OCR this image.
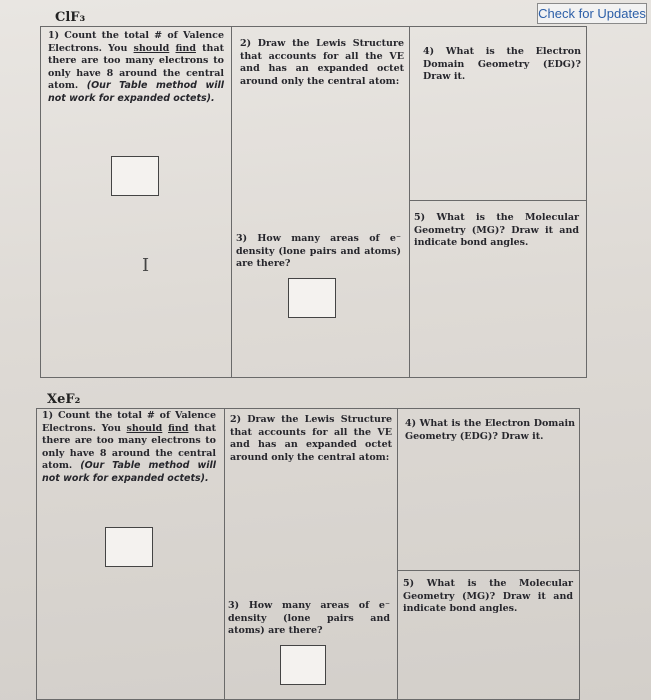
Check for Updates
ClF₃
1) Count the total # of Valence Electrons. You should find that there are too many electrons to only have 8 around the central atom. (Our Table method will not work for expanded octets).
I
2) Draw the Lewis Structure that accounts for all the VE and has an expanded octet around only the central atom:
3) How many areas of e⁻ density (lone pairs and atoms) are there?
4) What is the Electron Domain Geometry (EDG)? Draw it.
5) What is the Molecular Geometry (MG)? Draw it and indicate bond angles.
XeF₂
1) Count the total # of Valence Electrons. You should find that there are too many electrons to only have 8 around the central atom. (Our Table method will not work for expanded octets).
2) Draw the Lewis Structure that accounts for all the VE and has an expanded octet around only the central atom:
3) How many areas of e⁻ density (lone pairs and atoms) are there?
4) What is the Electron Domain Geometry (EDG)? Draw it.
5) What is the Molecular Geometry (MG)? Draw it and indicate bond angles.
